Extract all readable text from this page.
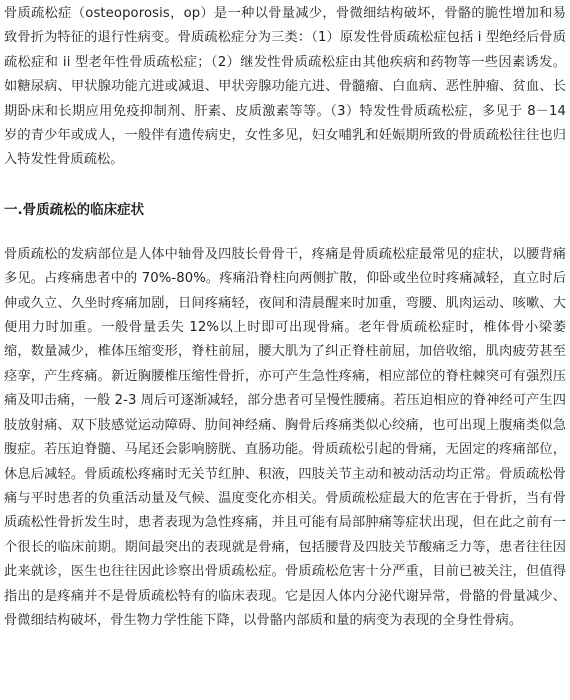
骨质疏松症（osteoporosis，op）是一种以骨量减少，骨微细结构破坏，骨骼的脆性增加和易致骨折为特征的退行性病变。骨质疏松症分为三类：（1）原发性骨质疏松症包括 i 型绝经后骨质疏松症和 ii 型老年性骨质疏松症；（2）继发性骨质疏松症由其他疾病和药物等一些因素诱发。如糖尿病、甲状腺功能亢进或减退、甲状旁腺功能亢进、骨髓瘤、白血病、恶性肿瘤、贫血、长期卧床和长期应用免疫抑制剂、肝素、皮质激素等等。（3）特发性骨质疏松症，多见于 8－14 岁的青少年或成人，一般伴有遗传病史，女性多见，妇女哺乳和妊娠期所致的骨质疏松往往也归入特发性骨质疏松。

一.骨质疏松的临床症状

骨质疏松的发病部位是人体中轴骨及四肢长骨骨干，疼痛是骨质疏松症最常见的症状，以腰背痛多见。占疼痛患者中的 70%-80%。疼痛沿脊柱向两侧扩散，仰卧或坐位时疼痛减轻，直立时后伸或久立、久坐时疼痛加剧，日间疼痛轻，夜间和清晨醒来时加重，弯腰、肌肉运动、咳嗽、大便用力时加重。一般骨量丢失 12%以上时即可出现骨痛。老年骨质疏松症时，椎体骨小梁萎缩，数量减少，椎体压缩变形，脊柱前屈，腰大肌为了纠正脊柱前屈，加倍收缩，肌肉疲劳甚至痉挛，产生疼痛。新近胸腰椎压缩性骨折，亦可产生急性疼痛，相应部位的脊柱棘突可有强烈压痛及叩击痛，一般 2-3 周后可逐渐减轻，部分患者可呈慢性腰痛。若压迫相应的脊神经可产生四肢放射痛、双下肢感觉运动障碍、肋间神经痛、胸骨后疼痛类似心绞痛，也可出现上腹痛类似急腹症。若压迫脊髓、马尾还会影响膀胱、直肠功能。骨质疏松引起的骨痛，无固定的疼痛部位，休息后减轻。骨质疏松疼痛时无关节红肿、积液，四肢关节主动和被动活动均正常。骨质疏松骨痛与平时患者的负重活动量及气候、温度变化亦相关。骨质疏松症最大的危害在于骨折，当有骨质疏松性骨折发生时，患者表现为急性疼痛，并且可能有局部肿痛等症状出现，但在此之前有一个很长的临床前期。期间最突出的表现就是骨痛，包括腰背及四肢关节酸痛乏力等，患者往往因此来就诊，医生也往往因此诊察出骨质疏松症。骨质疏松危害十分严重，目前已被关注，但值得指出的是疼痛并不是骨质疏松特有的临床表现。它是因人体内分泌代谢异常，骨骼的骨量减少、骨微细结构破坏，骨生物力学性能下降，以骨骼内部质和量的病变为表现的全身性骨病。
